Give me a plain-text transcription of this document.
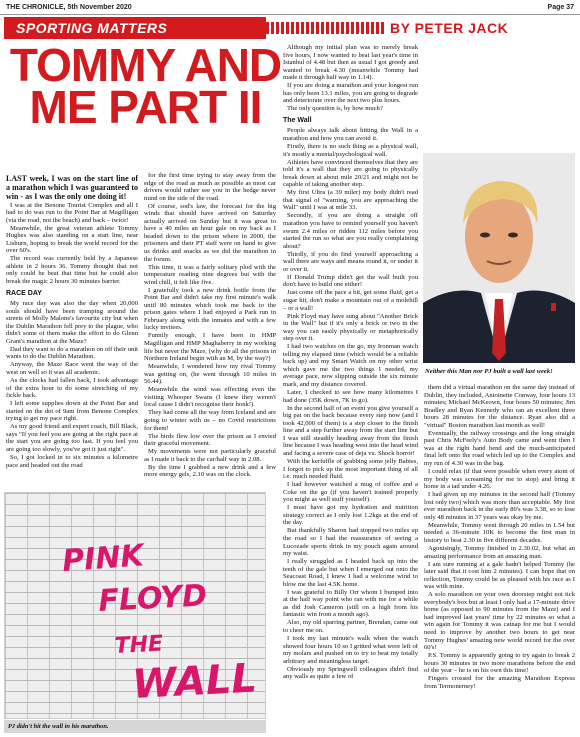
THE CHRONICLE, 5th November 2020	Page 37
SPORTING MATTERS	BY PETER JACK
TOMMY AND ME PART II

LAST week, I was on the start line of a marathon which I was guaranteed to win - as I was the only one doing it!

I was at the Benone Tourist Complex and all I had to do was run to the Point Bar at Magilligan (via the road, not the beach) and back – twice!

Meanwhile, the great veteran athlete Tommy Hughes was also standing on a start line, near Lisburn, hoping to break the world record for the over 60's.

The record was currently held by a Japanese athlete in 2 hours 36. Tommy thought that not only could he beat that time but he could also break the magic 2 hours 30 minutes barrier.

RACE DAY

My race day was also the day when 20,000 souls should have been tramping around the streets of Molly Malone's favourite city but when the Dublin Marathon fell prey to the plague, who didn't some of them make the effort to do Glenn Grant's marathon at the Maze?

Dad they want to do a marathon on off their unit wants to do the Dublin Marathon.

Anyway, the Maze Race went the way of the west on well so it was all academic.

As the clocks had fallen back, I took advantage of the extra hour to do some stretching of my fickle back.

I left some supplies down at the Point Bar and started on the dot of 9am from Benone Complex trying to get my pace right.

As my good friend and expert coach, Bill Black, says "If you feel you are going at the right pace at the start you are going too fast. If you feel you are going too slowly, you've got it just right".

So, I got locked in to six minutes a kilometre pace and headed out the road

for the first time trying to stay away from the edge of the road as much as possible as most car drivers would rather see you in the hedge never mind on the side of the road.

Of course, sod's law, the forecast for the big winds that should have arrived on Saturday actually arrived on Sunday but it was great to have a 40 miles an hour gale on my back as I headed down to the prison where in 2000, the prisoners and their PT staff were on hand to give us drinks and snacks as we did the marathon in the forum.

This time, it was a fairly solitary plod with the temperature reading nine degrees but with the wind chill, it felt like five.

I gratefully took a new drink bottle from the Point Bar and didn't take my first minute's walk until 80 minutes which took me back to the prison gates where I had enjoyed a Park run in February along with the inmates and with a few lucky invitees.

Funnily enough, I have been in HMP Magilligan and HMP Maghaberry in my working life but never the Maze, (why do all the prisons in Northern Ireland begin with an M, by the way?)

Meanwhile, I wondered how my rival Tommy was getting on, (he went through 10 miles in 56.44).

Meanwhile the wind was effecting even the visiting Whooper Swans (I knew they weren't local cause I didn't recognise their honk!).

They had come all the way from Iceland and are going to winter with us – no Covid restrictions for them!

The birds flew low over the prison as I envied their graceful movement.

My movements were not particularly graceful as I made it back to the car/half way in 2.08.

By the time I grabbed a new drink and a few more energy gels, 2.10 was on the clock.

Although my initial plan was to merely break five hours, I now wanted to beat last year's time in Istanbul of 4.48 but then as usual I got greedy and wanted to break 4.30 (meanwhile Tommy had made it through half way in 1.14).

If you are doing a marathon and your longest run has only been 13.1 miles, you are going to degrade and deteriorate over the next two plus hours.

The only question is, by how much?

The Wall

People always talk about hitting the Wall in a marathon and how you can avoid it.

Firstly, there is no such thing as a physical wall, it's mostly a mental/psychological wall.

Athletes have convinced themselves that they are told it's a wall that they are going to physically break down at about mile 20/21 and might not be capable of taking another step.

My first Ultra (a 39 miler) my body didn't read that signal of "warning, you are approaching the Wall" until I was at mile 33.

Secondly, if you are doing a straight off marathon you have to remind yourself you haven't swum 2.4 miles or ridden 112 miles before you started the run so what are you really complaining about?

Thirdly, if you do find yourself approaching a wall there are ways and means round it, or under it or over it.

If Donald Trump didn't get the wall built you don't have to build one either!

Just come off the pace a bit, get some fluid, get a sugar hit, don't make a mountain out of a molehill – or a wall!

Pink Floyd may have sung about "Another Brick in the Wall" but if it's only a brick or two in the way you can easily physically or metaphorically step over it.

I had two watches on the go, my Ironman watch telling my elapsed time (which would be a reliable back up) and my Smart Watch on my other wrist which gave me the two things I needed, my average pace, now slipping outside the six minute mark, and my distance covered.

Later, I checked to see how many kilometres I had done (35K down, 7K to go).

In the second half of an event you give yourself a big pat on the back because every step now (and I took 42,000 of them) is a step closer to the finish line and a step further away from the start line but I was still steadily heading away from the finish line because I was heading west into the head wind and facing a severe case of deja vu. Shock horror!

With the kerfuffle of grabbing some jelly Babies, I forgot to pick up the most important thing of all i.e. much needed fluid.

I had however watched a mug of coffee and a Coke on the go (if you haven't trained properly you might as well stuff yourself).

I must have got my hydration and nutrition strategy correct as I only lost 1.2kgs at the end of the day.

But thankfully Sharon had stopped two miles up the road so I had the reassurance of seeing a Lucozade sports drink in my pouch again around my waist.

I really struggled as I headed back up into the teeth of the gale but when I emerged out onto the Seacoast Road, I knew I had a welcome wind to blow me the last 4.5K home.

I was grateful to Billy Orr whom I bumped into at the half way point who ran with me for a while as did Josh Cameron (still on a high from his fantastic win from a month ago).

Also, my old sparring partner, Brendan, came out to cheer me on.

I took my last minute's walk when the watch showed four hours 10 so I gritted what were left of my molars and pushed on to try to beat my totally arbitrary and meaningless target.

Obviously my Springwell colleagues didn't find any walls as quite a few of

them did a virtual marathon on the same day instead of Dublin, they included, Antoinette Conway, four hours 13 minutes; Michael McKeown, four hours 50 minutes; Jim Bradley and Ryan Kennedy who ran an excellent three hours 28 minutes for the distance. Ryan also did a "virtual" Boston marathon last month as well!

Eventually, the railway crossings and the long straight past Chris McFeely's Auto Body came and went then I was at the right hand bend and the much-anticipated final left onto the road which led up to the Complex and my run of 4.30 was in the bag.

I could relax (if that were possible when every atom of my body was screaming for me to stop) and bring it home in a tad under 4.26.

I had given up my minutes in the second half (Tommy lost only two) which was more than acceptable. My first ever marathon back in the early 80's was 3.38, so to lose only 48 minutes in 37 years was okay by me.

Meanwhile, Tommy went through 20 miles in 1.54 but needed a 36-minute 10K to become the first man in history to beat 2.30 in five different decades.

Agonisingly, Tommy finished in 2.30.02, but what an amazing performance from an amazing man.

I am sure running at a gale hadn't helped Tommy (he later said that it cost him 2 minutes). I can hope that on reflection, Tommy could be as pleased with his race as I was with mine.

A solo marathon on your own doorstep might not tick everybody's box but at least I only had a 17-minute drive home (as opposed to 90 minutes from the Maze) and I had improved last years' time by 22 minutes so what a win again for Tommy it was catnap for me but I would need to improve by another two hours to get near Tommy Hughes' amazing new world record for the over 60's!

P.S. Tommy is apparently going to try again to break 2 hours 30 minutes in two more marathons before the end of the year – he is on his own this time!

Fingers crossed for the amazing Marathon Express from Termonerney!

PINK
FLOYD
THE
WALL
PJ didn't hit the wall in his marathon.
Neither this Man nor PJ built a wall last week!
